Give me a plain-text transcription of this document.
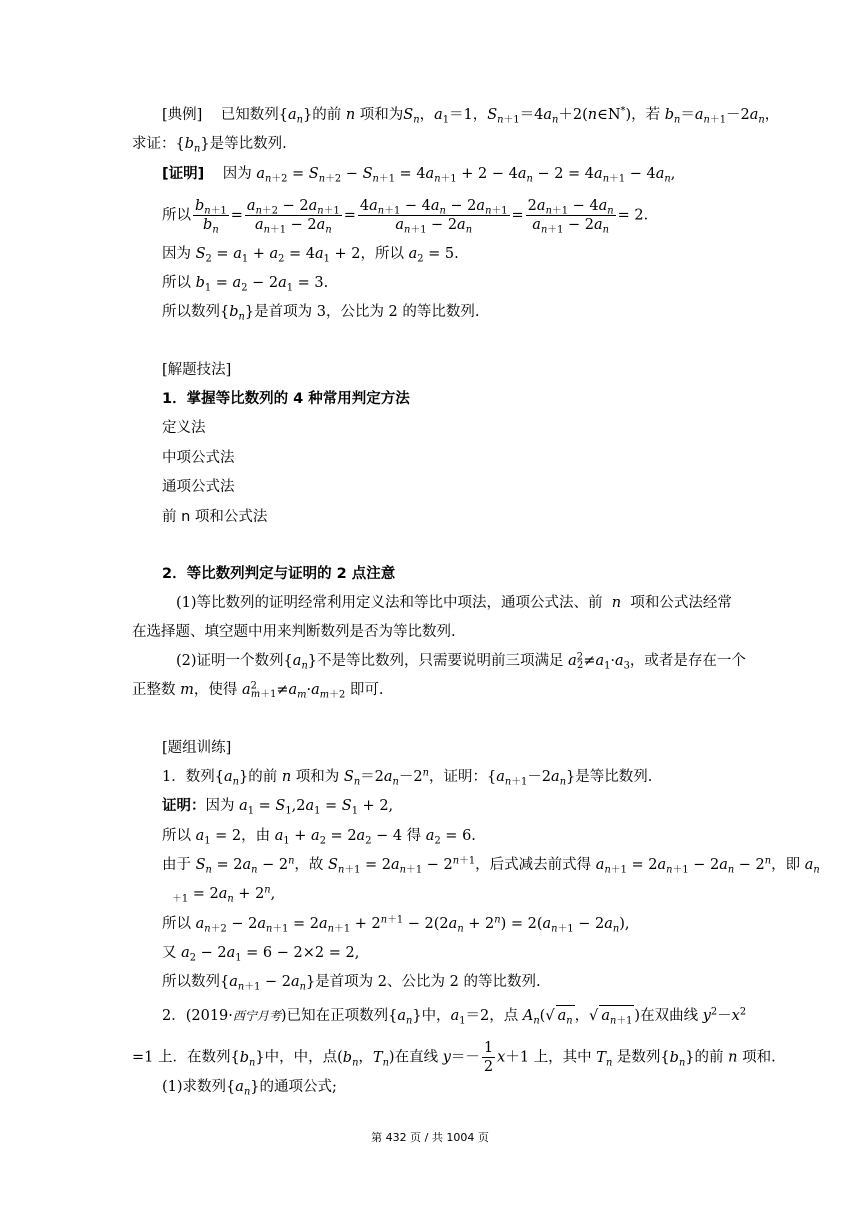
[典例] 已知数列$\{a_n\}$的前 n 项和为$S_n$，$a_1=1$，$S_{n+1}=4a_n+2(n\in N^*)$，若 $b_n=a_{n+1}-2a_n$，
求证：$\{b_n\}$是等比数列.
[证明] 因为 $a_{n+2} = S_{n+2} - S_{n+1} = 4a_{n+1} + 2 - 4a_n - 2 = 4a_{n+1} - 4a_n$,
所以 $\frac{b_{n+1}}{b_n} = \frac{a_{n+2} - 2a_{n+1}}{a_{n+1} - 2a_n} = \frac{4a_{n+1} - 4a_n - 2a_{n+1}}{a_{n+1} - 2a_n} = \frac{2a_{n+1} - 4a_n}{a_{n+1} - 2a_n} = 2$.
因为 $S_2 = a_1 + a_2 = 4a_1 + 2$，所以 $a_2 = 5$.
所以 $b_1 = a_2 - 2a_1 = 3$.
所以数列$\{b_n\}$是首项为 3，公比为 2 的等比数列.
[解题技法]
1．掌握等比数列的 4 种常用判定方法
定义法
中项公式法
通项公式法
前 n 项和公式法
2．等比数列判定与证明的 2 点注意
(1)等比数列的证明经常利用定义法和等比中项法，通项公式法、前 n 项和公式法经常
在选择题、填空题中用来判断数列是否为等比数列.
(2)证明一个数列$\{a_n\}$不是等比数列，只需要说明前三项满足 $a^2_2\ne a_1\cdot a_3$，或者是存在一个
正整数 m，使得 $a^2_{m+1}\ne a_m\cdot a_{m+2}$ 即可.
[题组训练]
1．数列$\{a_n\}$的前 n 项和为 $S_n=2a_n-2^n$，证明：$\{a_{n+1}-2a_n\}$是等比数列.
证明：因为 $a_1 = S_1,2a_1 = S_1 + 2$,
所以 $a_1 = 2$，由 $a_1 + a_2 = 2a_2 - 4$ 得 $a_2 = 6$.
由于 $S_n = 2a_n - 2^n$，故 $S_{n+1} = 2a_{n+1} - 2^{n+1}$，后式减去前式得 $a_{n+1} = 2a_{n+1} - 2a_n - 2^n$，即 $a_n$
$_{+1} = 2a_n + 2^n$,
所以 $a_{n+2} - 2a_{n+1} = 2a_{n+1} + 2^{n+1} - 2(2a_n + 2^n) = 2(a_{n+1} - 2a_n)$,
又 $a_2 - 2a_1 = 6 - 2\times 2 = 2$,
所以数列$\{a_{n+1} - 2a_n\}$是首项为 2、公比为 2 的等比数列.
2．(2019·西宁月考)已知在正项数列$\{a_n\}$中，$a_1=2$，点 $A_n(√$ $a_n$ ，√ $a_{n+1}$ )在双曲线 $y^2-x^2$
=1 上．在数列$\{b_n\}$中，中，点($b_n$，$T_n$)在直线 $y=- \frac{1}{2} x+1$ 上，其中 $T_n$ 是数列$\{b_n\}$的前 n 项和.
(1)求数列$\{a_n\}$的通项公式;
第 432 页 / 共 1004 页
